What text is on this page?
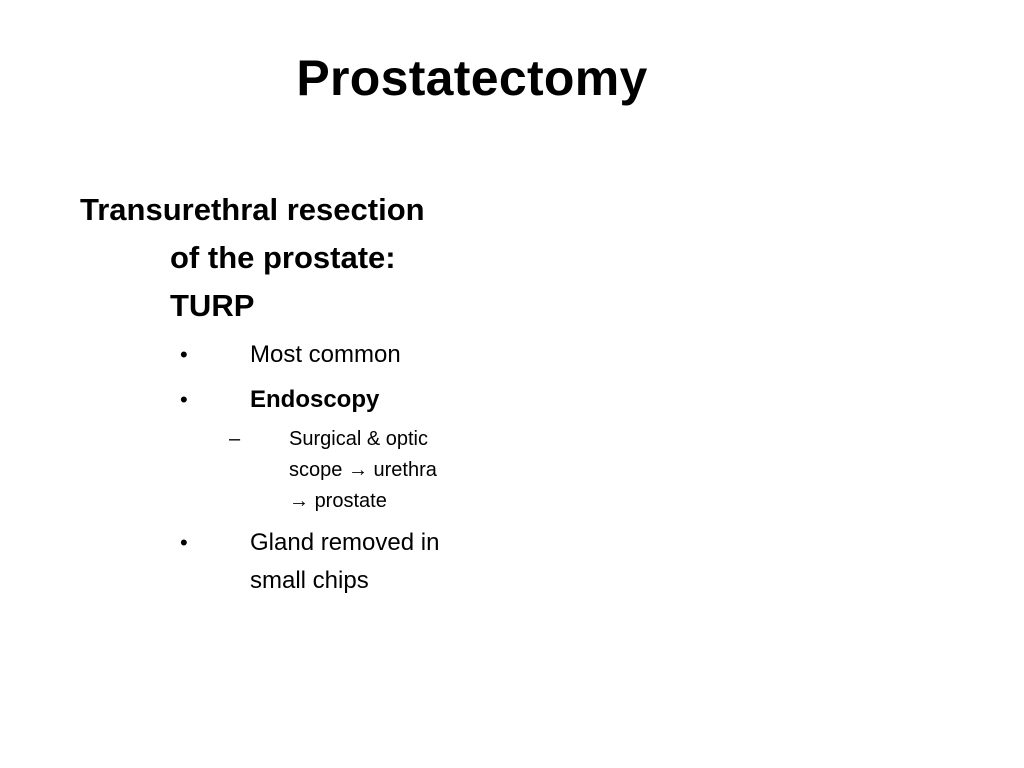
Prostatectomy
Transurethral resection
of the prostate:
TURP
•	Most common
•	Endoscopy
– Surgical & optic
scope → urethra
→ prostate
•	Gland removed in
small chips
